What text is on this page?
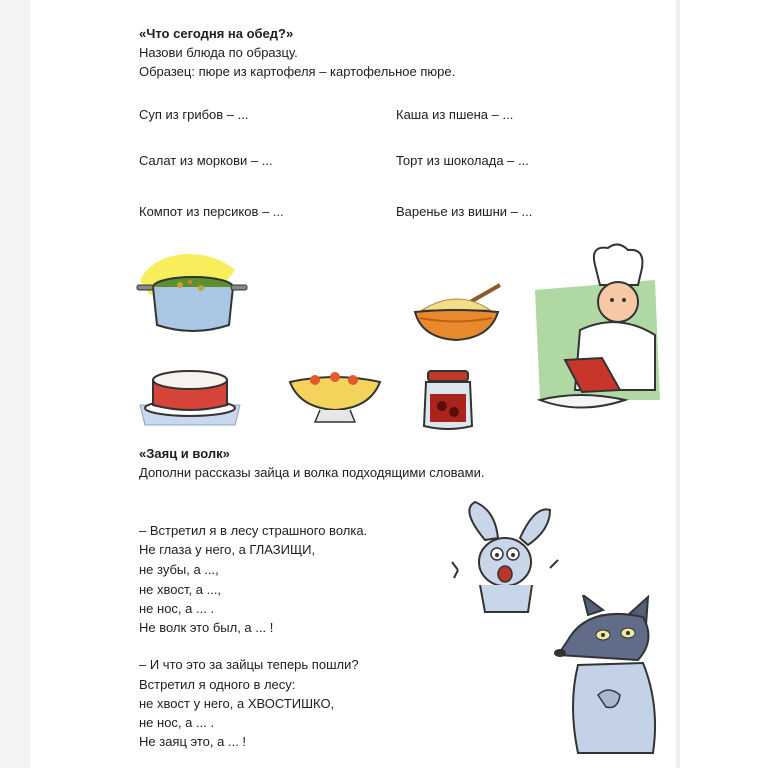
«Что сегодня на обед?»
Назови блюда по образцу.
Образец: пюре из картофеля – картофельное пюре.
Суп из грибов – ...	Каша из пшена – ...
Салат из моркови – ...	Торт из шоколада – ...
Компот из персиков – ...	Варенье из вишни – ...
«Заяц и волк»
Дополни рассказы зайца и волка подходящими словами.
– Встретил я в лесу страшного волка.
Не глаза у него, а ГЛАЗИЩИ,
не зубы, а ...,
не хвост, а ...,
не нос, а ... .
Не волк это был, а ... !
– И что это за зайцы теперь пошли?
Встретил я одного в лесу:
не хвост у него, а ХВОСТИШКО,
не нос, а ... .
Не заяц это, а ... !
